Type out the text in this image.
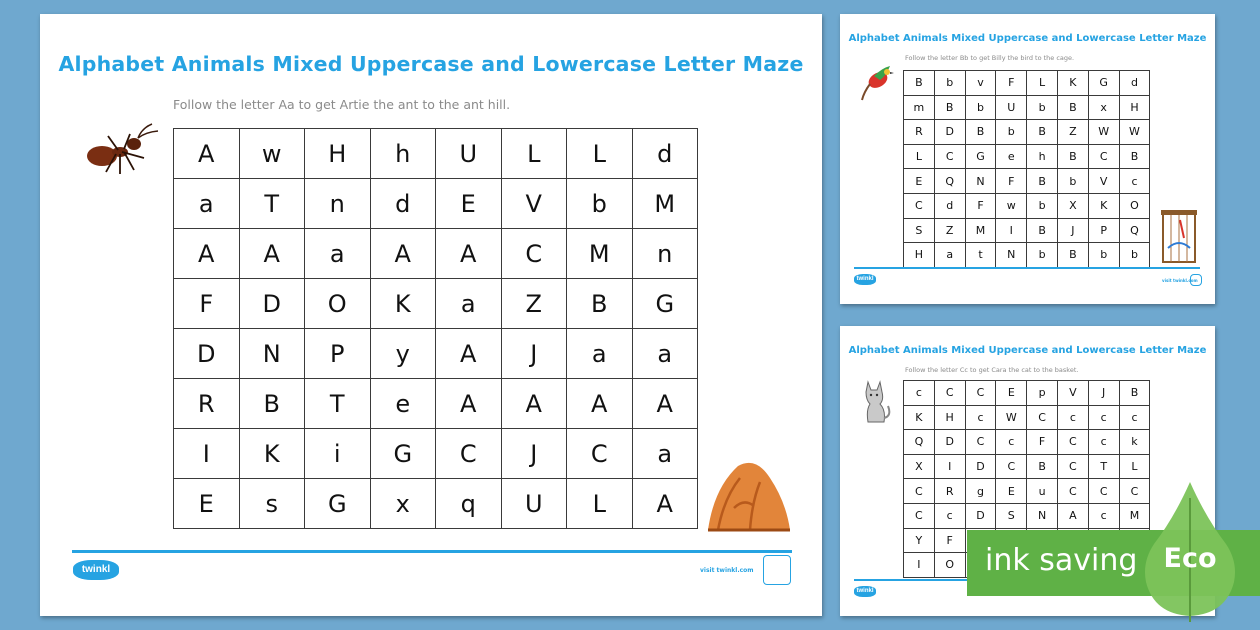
Alphabet Animals Mixed Uppercase and Lowercase Letter Maze
Follow the letter Aa to get Artie the ant to the ant hill.
A	w	H	h	U	L	L	d
a	T	n	d	E	V	b	M
A	A	a	A	A	C	M	n
F	D	O	K	a	Z	B	G
D	N	P	y	A	J	a	a
R	B	T	e	A	A	A	A
I	K	i	G	C	J	C	a
E	s	G	x	q	U	L	A
twinkl	visit twinkl.com
Alphabet Animals Mixed Uppercase and Lowercase Letter Maze
Follow the letter Bb to get Billy the bird to the cage.
B	b	v	F	L	K	G	d
m	B	b	U	b	B	x	H
R	D	B	b	B	Z	W	W
L	C	G	e	h	B	C	B
E	Q	N	F	B	b	V	c
C	d	F	w	b	X	K	O
S	Z	M	I	B	J	P	Q
H	a	t	N	b	B	b	b
twinkl	visit twinkl.com
Alphabet Animals Mixed Uppercase and Lowercase Letter Maze
Follow the letter Cc to get Cara the cat to the basket.
c	C	C	E	p	V	J	B
K	H	c	W	C	c	c	c
Q	D	C	c	F	C	c	k
X	I	D	C	B	C	T	L
C	R	g	E	u	C	C	C
C	c	D	S	N	A	c	M
Y	F						
I	O						
twinkl
ink saving Eco
